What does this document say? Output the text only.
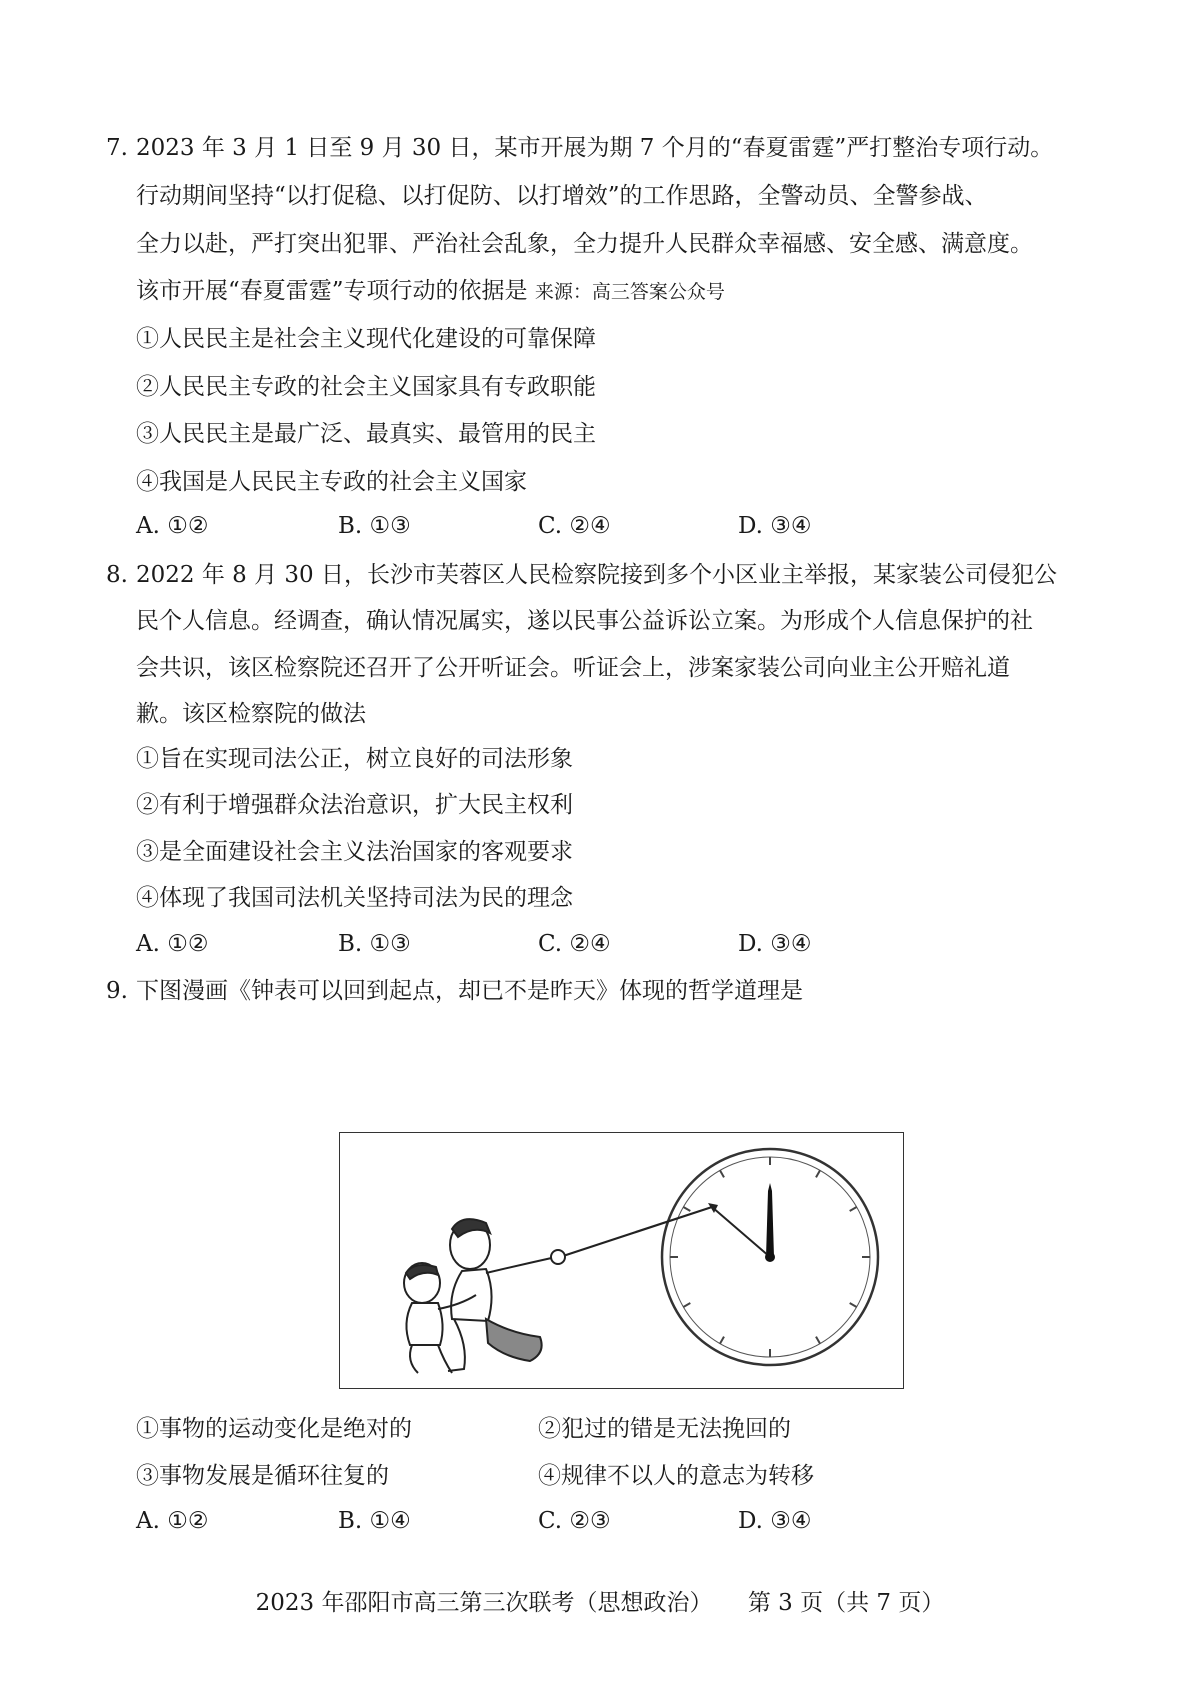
7. 2023 年 3 月 1 日至 9 月 30 日，某市开展为期 7 个月的“春夏雷霆”严打整治专项行动。
行动期间坚持“以打促稳、以打促防、以打增效”的工作思路，全警动员、全警参战、
全力以赴，严打突出犯罪、严治社会乱象，全力提升人民群众幸福感、安全感、满意度。
该市开展“春夏雷霆”专项行动的依据是 来源：高三答案公众号
①人民民主是社会主义现代化建设的可靠保障
②人民民主专政的社会主义国家具有专政职能
③人民民主是最广泛、最真实、最管用的民主
④我国是人民民主专政的社会主义国家
A. ①②	B. ①③	C. ②④	D. ③④
8. 2022 年 8 月 30 日，长沙市芙蓉区人民检察院接到多个小区业主举报，某家装公司侵犯公
民个人信息。经调查，确认情况属实，遂以民事公益诉讼立案。为形成个人信息保护的社
会共识，该区检察院还召开了公开听证会。听证会上，涉案家装公司向业主公开赔礼道
歉。该区检察院的做法
①旨在实现司法公正，树立良好的司法形象
②有利于增强群众法治意识，扩大民主权利
③是全面建设社会主义法治国家的客观要求
④体现了我国司法机关坚持司法为民的理念
A. ①②	B. ①③	C. ②④	D. ③④
9. 下图漫画《钟表可以回到起点，却已不是昨天》体现的哲学道理是
①事物的运动变化是绝对的	②犯过的错是无法挽回的
③事物发展是循环往复的	④规律不以人的意志为转移
A. ①②	B. ①④	C. ②③	D. ③④
2023 年邵阳市高三第三次联考（思想政治） 第 3 页（共 7 页）
